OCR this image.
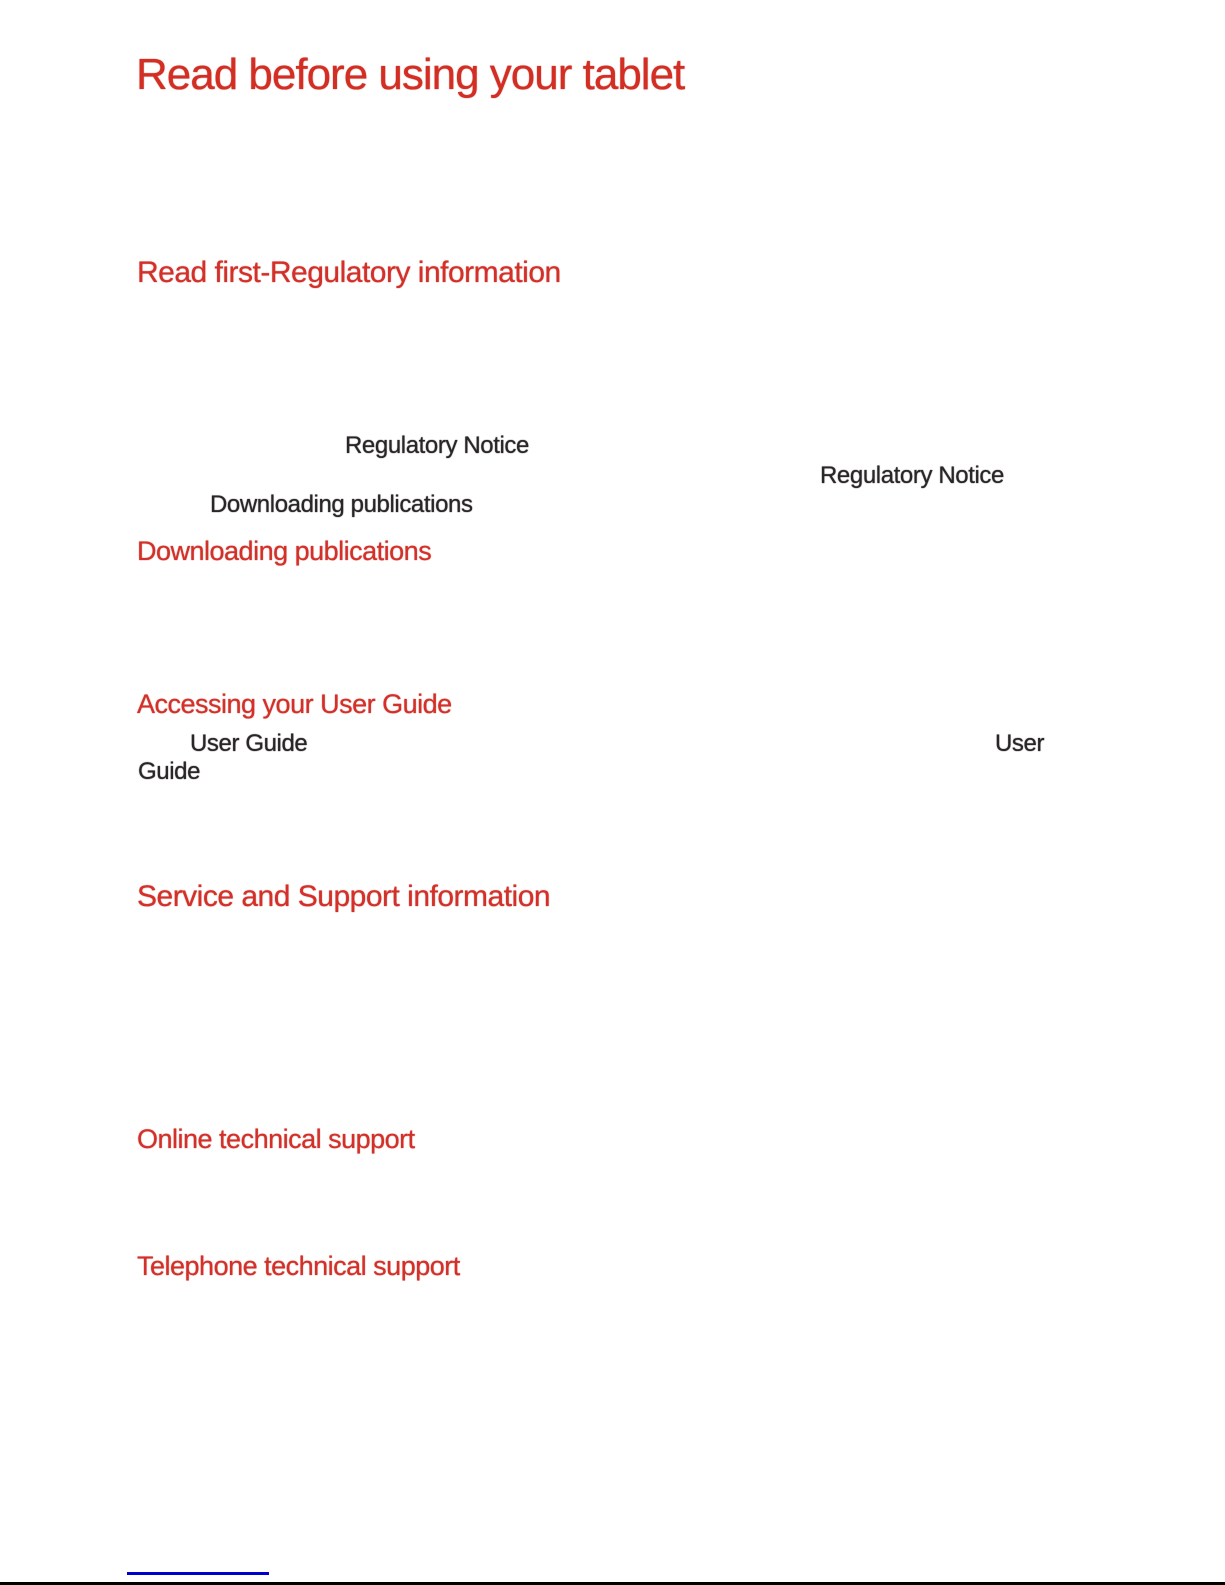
Read before using your tablet
Read first-Regulatory information
Regulatory Notice
Regulatory Notice
Downloading publications
Downloading publications
Accessing your User Guide
User Guide	User
Guide
Service and Support information
Online technical support
Telephone technical support
